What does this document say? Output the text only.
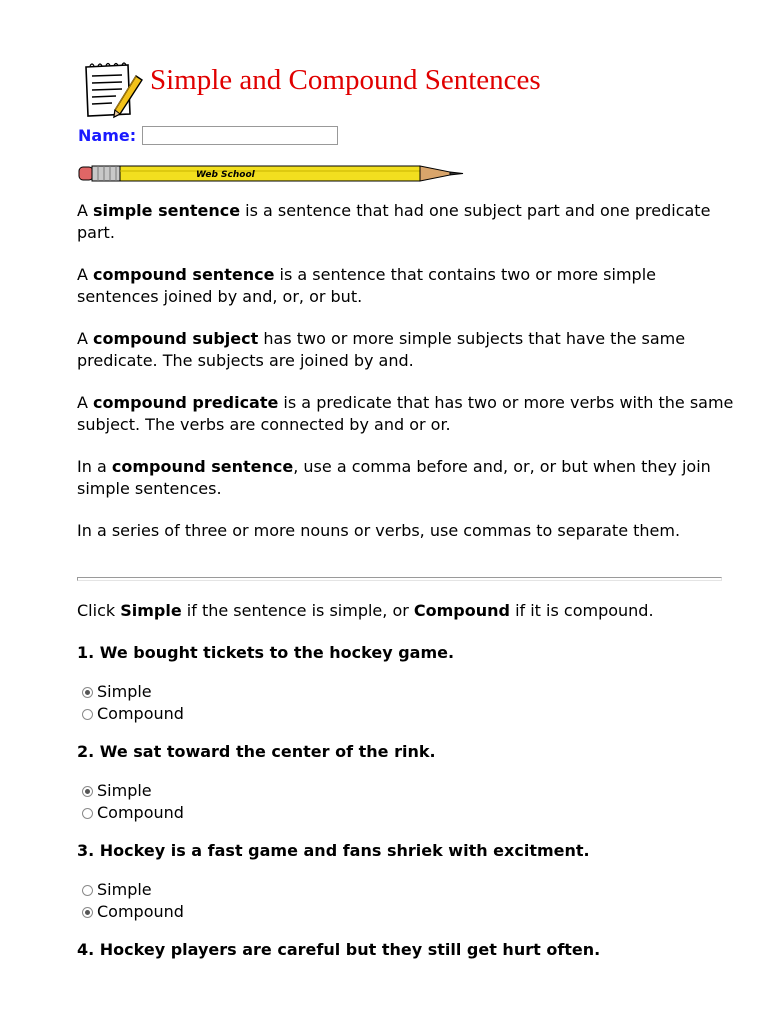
Simple and Compound Sentences
Name:
Web School

A simple sentence is a sentence that had one subject part and one predicate part.

A compound sentence is a sentence that contains two or more simple sentences joined by and, or, or but.

A compound subject has two or more simple subjects that have the same predicate. The subjects are joined by and.

A compound predicate is a predicate that has two or more verbs with the same subject. The verbs are connected by and or or.

In a compound sentence, use a comma before and, or, or but when they join simple sentences.

In a series of three or more nouns or verbs, use commas to separate them.

Click Simple if the sentence is simple, or Compound if it is compound.

1. We bought tickets to the hockey game.
Simple
Compound
2. We sat toward the center of the rink.
Simple
Compound
3. Hockey is a fast game and fans shriek with excitment.
Simple
Compound
4. Hockey players are careful but they still get hurt often.
